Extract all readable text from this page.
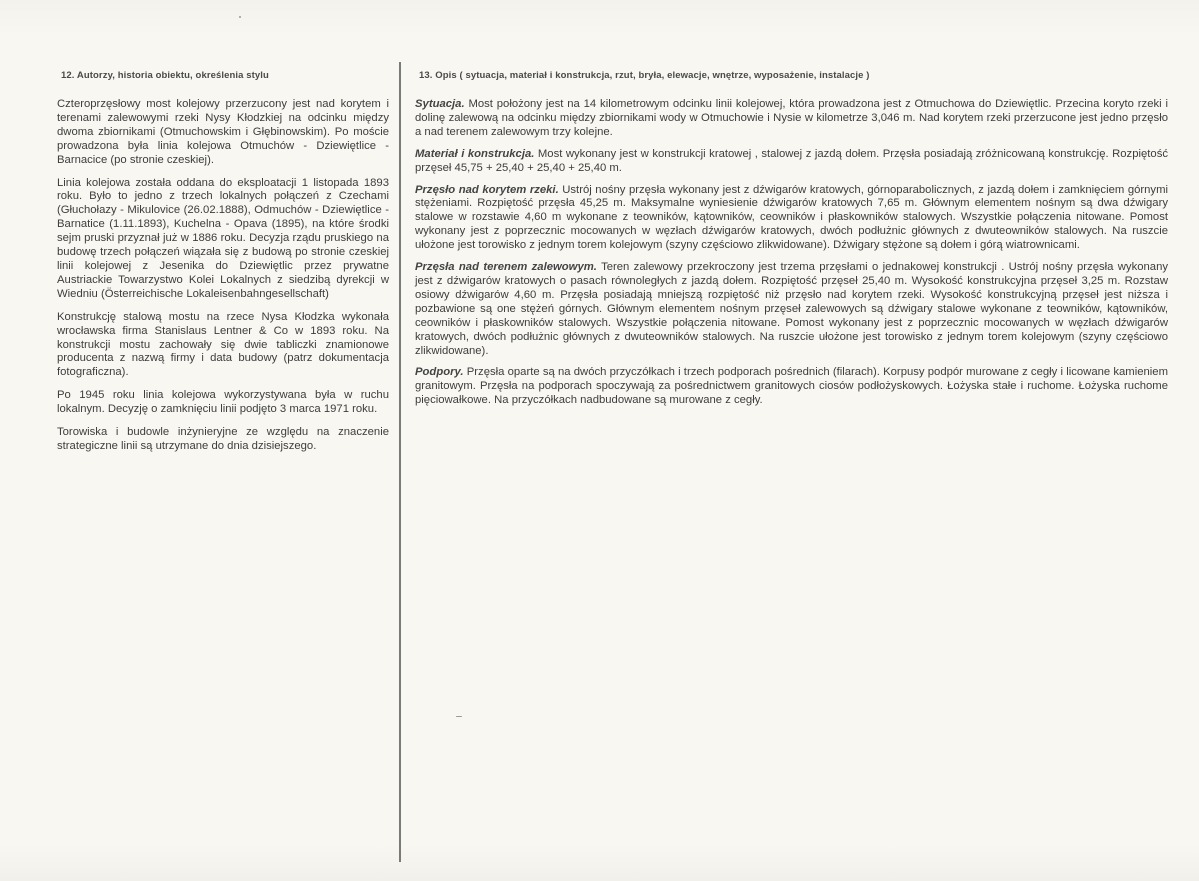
12. Autorzy, historia obiektu, określenia stylu

Czteroprzęsłowy most kolejowy przerzucony jest nad korytem i terenami zalewowymi rzeki Nysy Kłodzkiej na odcinku między dwoma zbiornikami (Otmuchowskim i Głębinowskim). Po moście prowadzona była linia kolejowa Otmuchów - Dziewiętlice - Barnacice (po stronie czeskiej).

Linia kolejowa została oddana do eksploatacji 1 listopada 1893 roku. Było to jedno z trzech lokalnych połączeń z Czechami (Głuchołazy - Mikulovice (26.02.1888), Odmuchów - Dziewiętlice - Barnatice (1.11.1893), Kuchelna - Opava (1895), na które środki sejm pruski przyznał już w 1886 roku. Decyzja rządu pruskiego na budowę trzech połączeń wiązała się z budową po stronie czeskiej linii kolejowej z Jesenika do Dziewiętlic przez prywatne Austriackie Towarzystwo Kolei Lokalnych z siedzibą dyrekcji w Wiedniu (Österreichische Lokaleisenbahngesellschaft)

Konstrukcję stalową mostu na rzece Nysa Kłodzka wykonała wrocławska firma Stanislaus Lentner & Co w 1893 roku. Na konstrukcji mostu zachowały się dwie tabliczki znamionowe producenta z nazwą firmy i data budowy (patrz dokumentacja fotograficzna).

Po 1945 roku linia kolejowa wykorzystywana była w ruchu lokalnym. Decyzję o zamknięciu linii podjęto 3 marca 1971 roku.

Torowiska i budowle inżynieryjne ze względu na znaczenie strategiczne linii są utrzymane do dnia dzisiejszego.

13. Opis ( sytuacja, materiał i konstrukcja, rzut, bryła, elewacje, wnętrze, wyposażenie, instalacje )

Sytuacja. Most położony jest na 14 kilometrowym odcinku linii kolejowej, która prowadzona jest z Otmuchowa do Dziewiętlic. Przecina koryto rzeki i dolinę zalewową na odcinku między zbiornikami wody w Otmuchowie i Nysie w kilometrze 3,046 m. Nad korytem rzeki przerzucone jest jedno przęsło a nad terenem zalewowym trzy kolejne.

Materiał i konstrukcja. Most wykonany jest w konstrukcji kratowej , stalowej z jazdą dołem. Przęsła posiadają zróżnicowaną konstrukcję. Rozpiętość przęseł 45,75 + 25,40 + 25,40 + 25,40 m.

Przęsło nad korytem rzeki. Ustrój nośny przęsła wykonany jest z dźwigarów kratowych, górnoparabolicznych, z jazdą dołem i zamknięciem górnymi stężeniami. Rozpiętość przęsła 45,25 m. Maksymalne wyniesienie dźwigarów kratowych 7,65 m. Głównym elementem nośnym są dwa dźwigary stalowe w rozstawie 4,60 m wykonane z teowników, kątowników, ceowników i płaskowników stalowych. Wszystkie połączenia nitowane. Pomost wykonany jest z poprzecznic mocowanych w węzłach dźwigarów kratowych, dwóch podłużnic głównych z dwuteowników stalowych. Na ruszcie ułożone jest torowisko z jednym torem kolejowym (szyny częściowo zlikwidowane). Dźwigary stężone są dołem i górą wiatrownicami.

Przęsła nad terenem zalewowym. Teren zalewowy przekroczony jest trzema przęsłami o jednakowej konstrukcji . Ustrój nośny przęsła wykonany jest z dźwigarów kratowych o pasach równoległych z jazdą dołem. Rozpiętość przęseł 25,40 m. Wysokość konstrukcyjna przęseł 3,25 m. Rozstaw osiowy dźwigarów 4,60 m. Przęsła posiadają mniejszą rozpiętość niż przęsło nad korytem rzeki. Wysokość konstrukcyjną przęseł jest niższa i pozbawione są one stężeń górnych. Głównym elementem nośnym przęseł zalewowych są dźwigary stalowe wykonane z teowników, kątowników, ceowników i płaskowników stalowych. Wszystkie połączenia nitowane. Pomost wykonany jest z poprzecznic mocowanych w węzłach dźwigarów kratowych, dwóch podłużnic głównych z dwuteowników stalowych. Na ruszcie ułożone jest torowisko z jednym torem kolejowym (szyny częściowo zlikwidowane).

Podpory. Przęsła oparte są na dwóch przyczółkach i trzech podporach pośrednich (filarach). Korpusy podpór murowane z cegły i licowane kamieniem granitowym. Przęsła na podporach spoczywają za pośrednictwem granitowych ciosów podłożyskowych. Łożyska stałe i ruchome. Łożyska ruchome pięciowałkowe. Na przyczółkach nadbudowane są murowane z cegły.
